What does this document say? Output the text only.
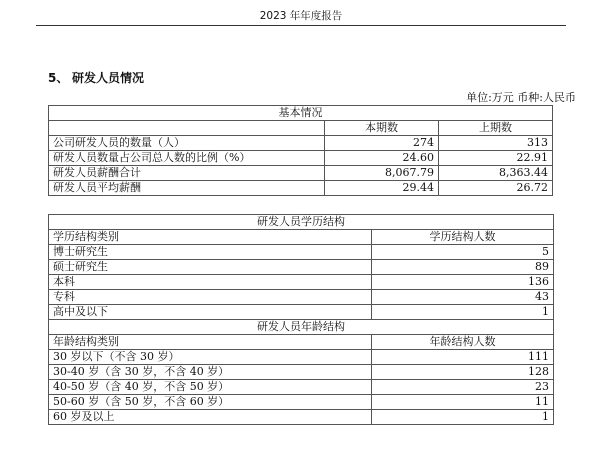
2023 年年度报告
5、 研发人员情况
单位:万元 币种:人民币
基本情况		
	本期数	上期数
公司研发人员的数量（人）	274	313
研发人员数量占公司总人数的比例（%）	24.60	22.91
研发人员薪酬合计	8,067.79	8,363.44
研发人员平均薪酬	29.44	26.72
研发人员学历结构	
学历结构类别	学历结构人数
博士研究生	5
硕士研究生	89
本科	136
专科	43
高中及以下	1
研发人员年龄结构	
年龄结构类别	年龄结构人数
30 岁以下（不含 30 岁）	111
30-40 岁（含 30 岁，不含 40 岁）	128
40-50 岁（含 40 岁，不含 50 岁）	23
50-60 岁（含 50 岁，不含 60 岁）	11
60 岁及以上	1
